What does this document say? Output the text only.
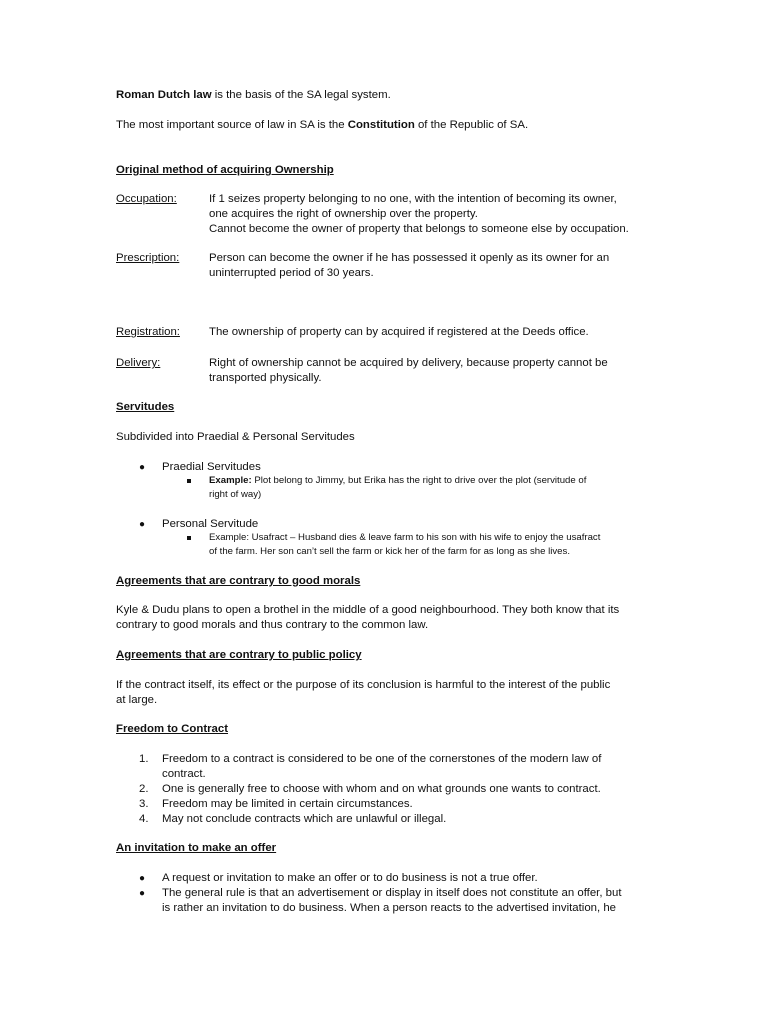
Roman Dutch law is the basis of the SA legal system.
The most important source of law in SA is the Constitution of the Republic of SA.
Original method of acquiring Ownership
Occupation:	If 1 seizes property belonging to no one, with the intention of becoming its owner,
one acquires the right of ownership over the property.
Cannot become the owner of property that belongs to someone else by occupation.
Prescription:	Person can become the owner if he has possessed it openly as its owner for an
uninterrupted period of 30 years.
Registration:	The ownership of property can by acquired if registered at the Deeds office.
Delivery:	Right of ownership cannot be acquired by delivery, because property cannot be
transported physically.
Servitudes
Subdivided into Praedial & Personal Servitudes
● Praedial Servitudes
Example: Plot belong to Jimmy, but Erika has the right to drive over the plot (servitude of
right of way)
● Personal Servitude
Example: Usafract – Husband dies & leave farm to his son with his wife to enjoy the usafract
of the farm. Her son can’t sell the farm or kick her of the farm for as long as she lives.
Agreements that are contrary to good morals
Kyle & Dudu plans to open a brothel in the middle of a good neighbourhood. They both know that its
contrary to good morals and thus contrary to the common law.
Agreements that are contrary to public policy
If the contract itself, its effect or the purpose of its conclusion is harmful to the interest of the public
at large.
Freedom to Contract
1. Freedom to a contract is considered to be one of the cornerstones of the modern law of
contract.
2. One is generally free to choose with whom and on what grounds one wants to contract.
3. Freedom may be limited in certain circumstances.
4. May not conclude contracts which are unlawful or illegal.
An invitation to make an offer
● A request or invitation to make an offer or to do business is not a true offer.
● The general rule is that an advertisement or display in itself does not constitute an offer, but
is rather an invitation to do business. When a person reacts to the advertised invitation, he
